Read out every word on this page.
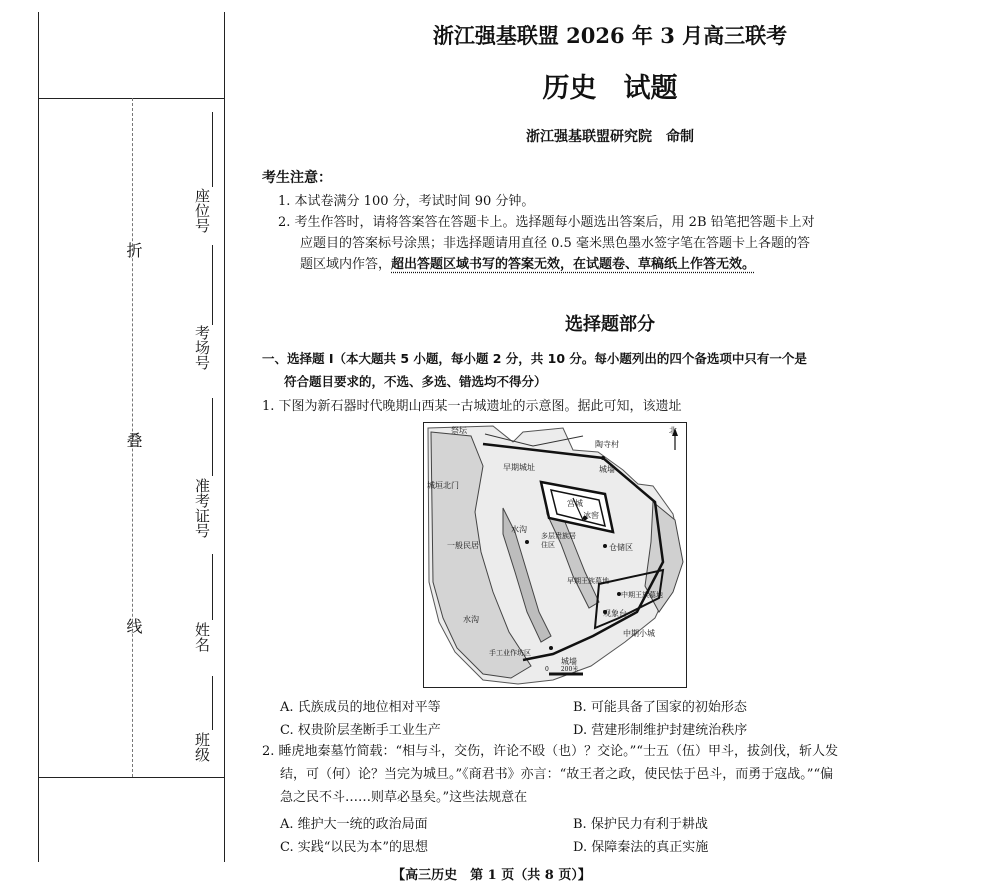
折
叠
线
座位号
考场号
准考证号
姓名
班级
浙江强基联盟 2026 年 3 月高三联考
历史　试题
浙江强基联盟研究院　命制
考生注意：
1. 本试卷满分 100 分，考试时间 90 分钟。
2. 考生作答时，请将答案答在答题卡上。选择题每小题选出答案后，用 2B 铅笔把答题卡上对
应题目的答案标号涂黑；非选择题请用直径 0.5 毫米黑色墨水签字笔在答题卡上各题的答
题区域内作答，超出答题区域书写的答案无效，在试题卷、草稿纸上作答无效。
选择题部分
一、选择题 Ⅰ（本大题共 5 小题，每小题 2 分，共 10 分。每小题列出的四个备选项中只有一个是
符合题目要求的，不选、多选、错选均不得分）
1. 下图为新石器时代晚期山西某一古城遗址的示意图。据此可知，该遗址
祭坛
陶寺村
北
早期城址	城墙
城垣北门
宫城
冰窖
水沟
一般民居
多层贵族居住区	仓储区
早期王族墓地
中期王族墓地
观象台
水沟
中期小城
手工业作坊区
城墙
0　　200米
A. 氏族成员的地位相对平等	B. 可能具备了国家的初始形态
C. 权贵阶层垄断手工业生产	D. 营建形制维护封建统治秩序
2. 睡虎地秦墓竹简载：“相与斗，交伤，许论不殴（也）？交论。”“士五（伍）甲斗，拔剑伐，斩人发
结，可（何）论？当完为城旦。”《商君书》亦言：“故王者之政，使民怯于邑斗，而勇于寇战。”“偏
急之民不斗……则草必垦矣。”这些法规意在
A. 维护大一统的政治局面	B. 保护民力有利于耕战
C. 实践“以民为本”的思想	D. 保障秦法的真正实施
【高三历史　第 1 页（共 8 页）】
